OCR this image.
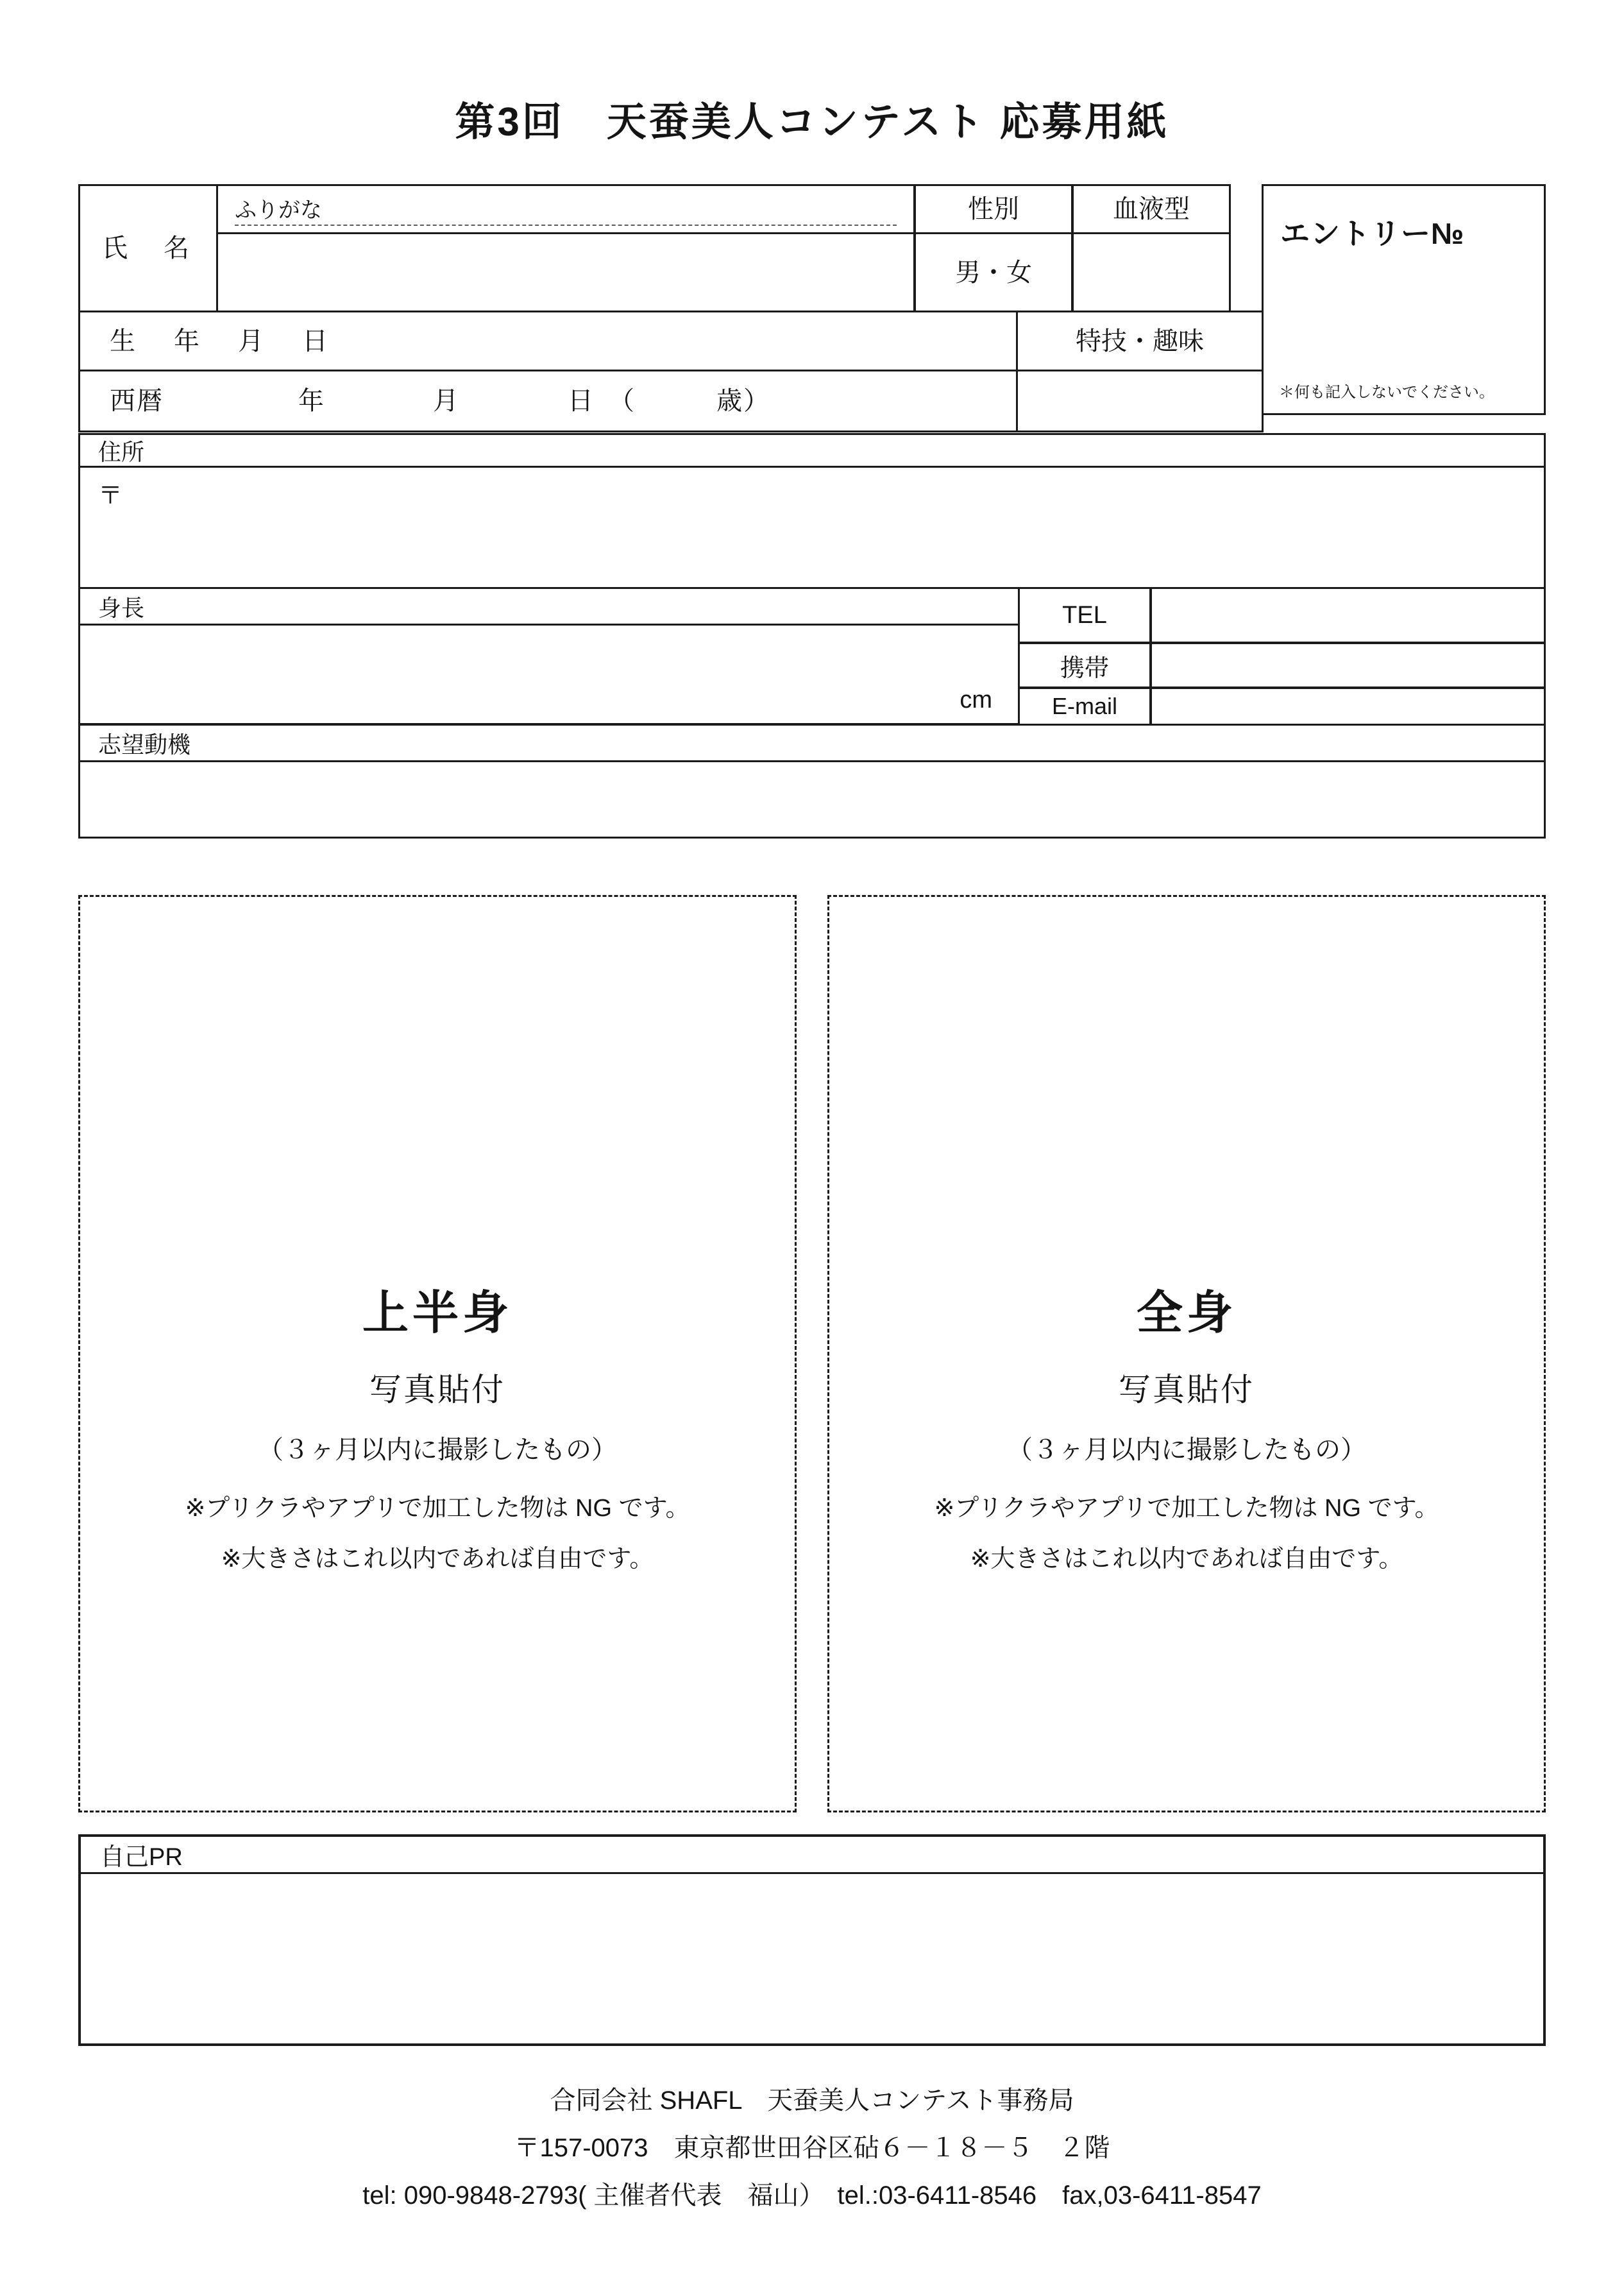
第3回　天蚕美人コンテスト 応募用紙
氏　名
ふりがな	性別	血液型
男・女
エントリー№
＊何も記入しないでください。
生　年　月　日	特技・趣味
西暦　　　　　年　　　　月　　　　日　（　　　歳）
住所
〒
身長
cm
TEL
携帯
E-mail
志望動機
上半身
写真貼付
（３ヶ月以内に撮影したもの）
※プリクラやアプリで加工した物は NG です。
※大きさはこれ以内であれば自由です。
全身
写真貼付
（３ヶ月以内に撮影したもの）
※プリクラやアプリで加工した物は NG です。
※大きさはこれ以内であれば自由です。
自己PR
合同会社 SHAFL　天蚕美人コンテスト事務局
〒157-0073　東京都世田谷区砧６－１８－５　２階
tel: 090-9848-2793( 主催者代表　福山）　tel.:03-6411-8546　fax,03-6411-8547
